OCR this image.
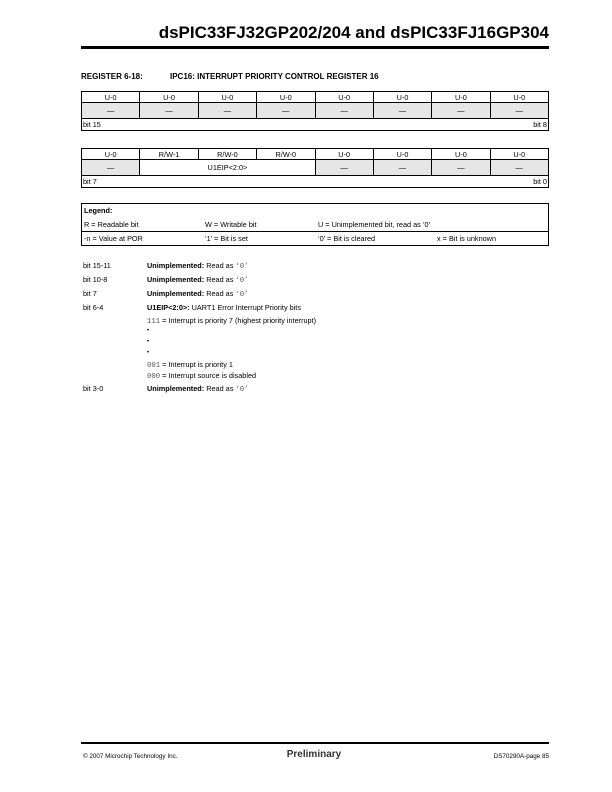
dsPIC33FJ32GP202/204 and dsPIC33FJ16GP304
REGISTER 6-18:	IPC16: INTERRUPT PRIORITY CONTROL REGISTER 16
U-0	U-0	U-0	U-0	U-0	U-0	U-0	U-0
—	—	—	—	—	—	—	—

bit 15 bit 8							
U-0	R/W-1	R/W-0	R/W-0	U-0	U-0	U-0	U-0
—	U1EIP<2:0>			—	—	—	—

bit 7 bit 0							
Legend:
R = Readable bit	W = Writable bit	U = Unimplemented bit, read as ‘0’
-n = Value at POR	‘1’ = Bit is set	‘0’ = Bit is cleared	x = Bit is unknown
bit 15-11	Unimplemented: Read as ‘0’
bit 10-8	Unimplemented: Read as ‘0’
bit 7	Unimplemented: Read as ‘0’
bit 6-4	U1EIP<2:0>: UART1 Error Interrupt Priority bits
111 = Interrupt is priority 7 (highest priority interrupt)
•
•
•
001 = Interrupt is priority 1
000 = Interrupt source is disabled
bit 3-0	Unimplemented: Read as ‘0’
© 2007 Microchip Technology Inc.	Preliminary	DS70290A-page 85
